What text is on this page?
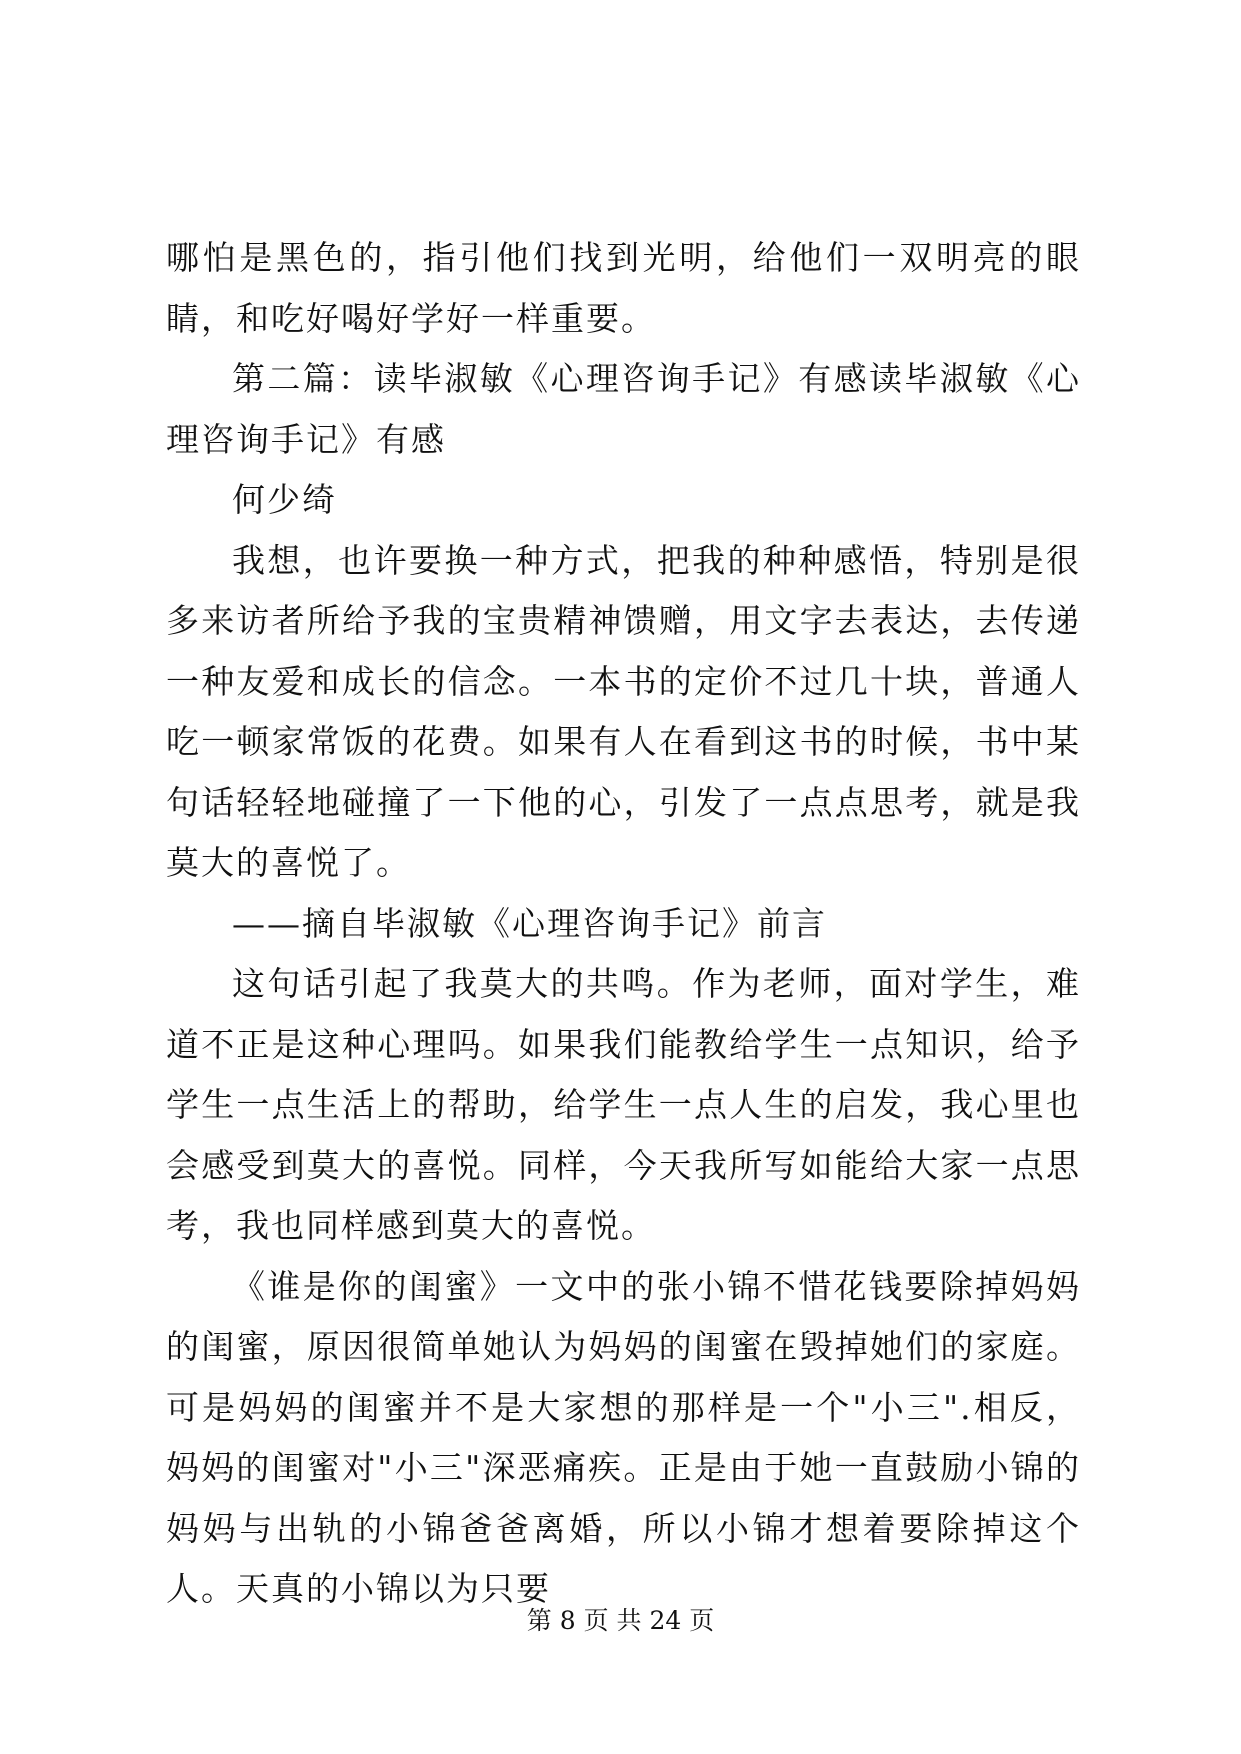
哪怕是黑色的，指引他们找到光明，给他们一双明亮的眼睛，和吃好喝好学好一样重要。

第二篇：读毕淑敏《心理咨询手记》有感读毕淑敏《心理咨询手记》有感

何少绮

我想，也许要换一种方式，把我的种种感悟，特别是很多来访者所给予我的宝贵精神馈赠，用文字去表达，去传递一种友爱和成长的信念。一本书的定价不过几十块，普通人吃一顿家常饭的花费。如果有人在看到这书的时候，书中某句话轻轻地碰撞了一下他的心，引发了一点点思考，就是我莫大的喜悦了。

——摘自毕淑敏《心理咨询手记》前言

这句话引起了我莫大的共鸣。作为老师，面对学生，难道不正是这种心理吗。如果我们能教给学生一点知识，给予学生一点生活上的帮助，给学生一点人生的启发，我心里也会感受到莫大的喜悦。同样，今天我所写如能给大家一点思考，我也同样感到莫大的喜悦。

《谁是你的闺蜜》一文中的张小锦不惜花钱要除掉妈妈的闺蜜，原因很简单她认为妈妈的闺蜜在毁掉她们的家庭。可是妈妈的闺蜜并不是大家想的那样是一个"小三".相反，妈妈的闺蜜对"小三"深恶痛疾。正是由于她一直鼓励小锦的妈妈与出轨的小锦爸爸离婚，所以小锦才想着要除掉这个人。天真的小锦以为只要

第 8 页 共 24 页
